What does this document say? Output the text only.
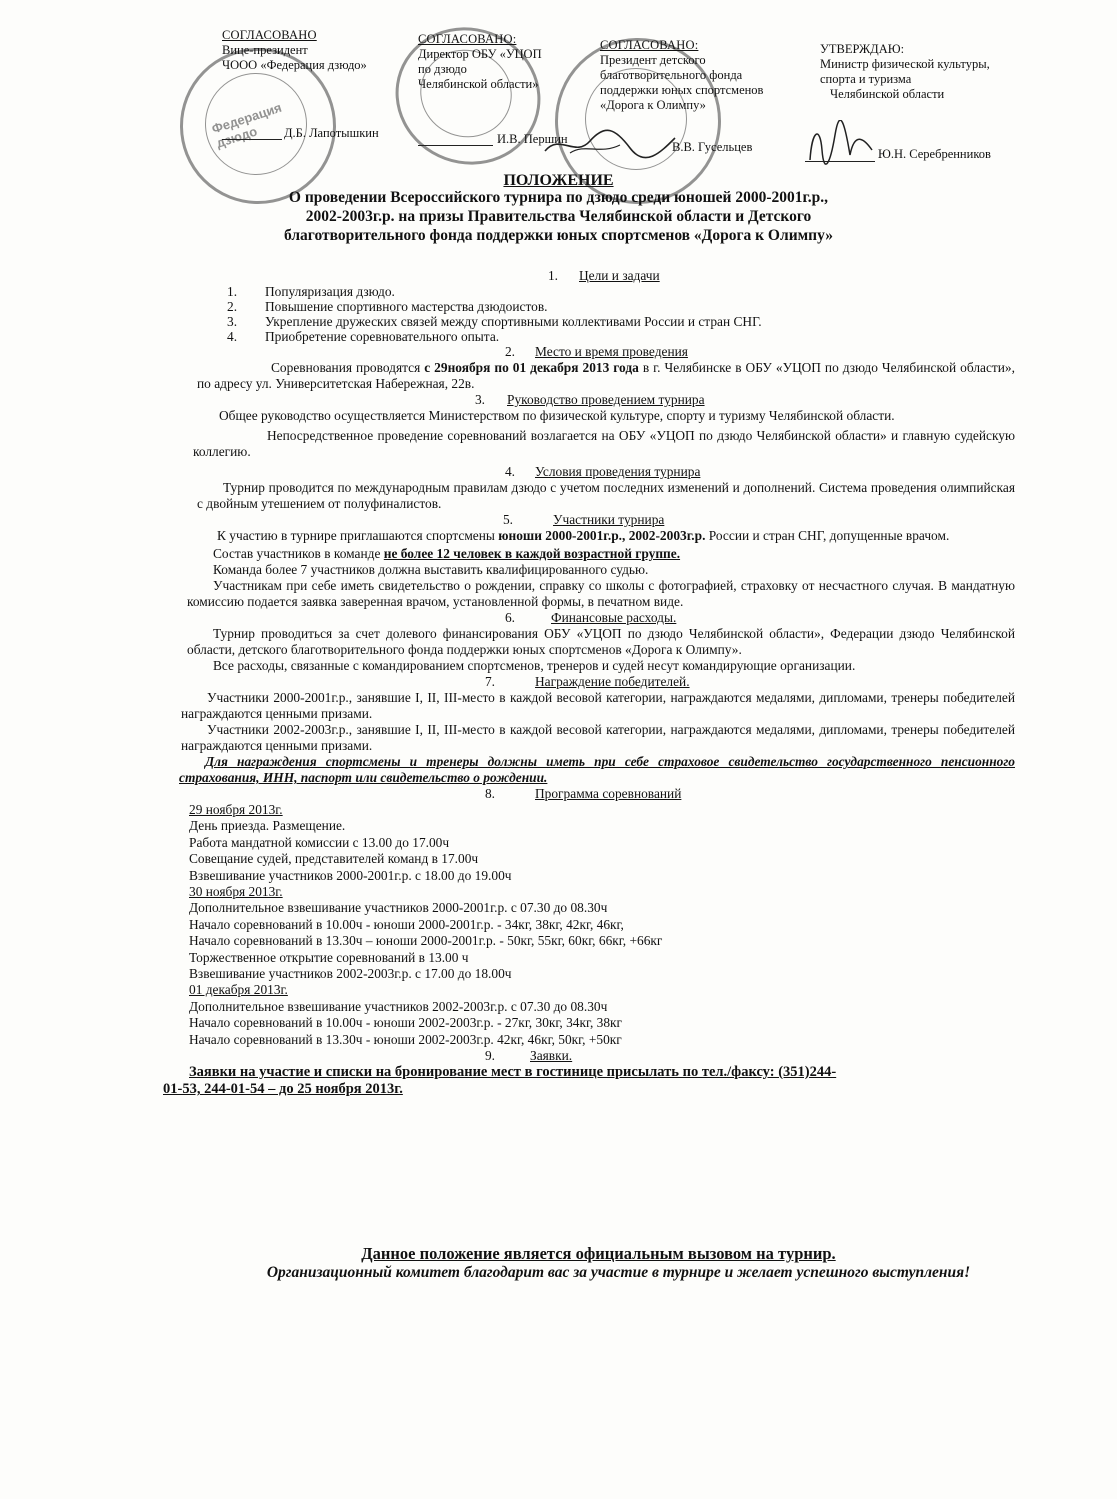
Федерация дзюдо
СОГЛАСОВАНО
Вице-президент
ЧООО «Федерация дзюдо»
Д.Б. Лапотышкин
СОГЛАСОВАНО:
Директор ОБУ «УЦОП
по дзюдо
Челябинской области»
И.В. Першин
СОГЛАСОВАНО:
Президент детского
благотворительного фонда
поддержки юных спортсменов
«Дорога к Олимпу»
В.В. Гусельцев
УТВЕРЖДАЮ:
Министр физической культуры,
спорта и туризма
Челябинской области
Ю.Н. Серебренников
ПОЛОЖЕНИЕ
О проведении Всероссийского турнира по дзюдо среди юношей 2000-2001г.р.,
2002-2003г.р. на призы Правительства Челябинской области и Детского
благотворительного фонда поддержки юных спортсменов «Дорога к Олимпу»
1. Цели и задачи
1. Популяризация дзюдо.
2. Повышение спортивного мастерства дзюдоистов.
3. Укрепление дружеских связей между спортивными коллективами России и стран СНГ.
4. Приобретение соревновательного опыта.
2. Место и время проведения

Соревнования проводятся с 29ноября по 01 декабря 2013 года в г. Челябинске в ОБУ «УЦОП по дзюдо Челябинской области», по адресу ул. Университетская Набережная, 22в.

3. Руководство проведением турнира

Общее руководство осуществляется Министерством по физической культуре, спорту и туризму Челябинской области.

Непосредственное проведение соревнований возлагается на ОБУ «УЦОП по дзюдо Челябинской области» и главную судейскую коллегию.

4. Условия проведения турнира

Турнир проводится по международным правилам дзюдо с учетом последних изменений и дополнений. Система проведения олимпийская с двойным утешением от полуфиналистов.

5.	Участники турнира

К участию в турнире приглашаются спортсмены юноши 2000-2001г.р., 2002-2003г.р. России и стран СНГ, допущенные врачом.

Состав участников в команде не более 12 человек в каждой возрастной группе.

Команда более 7 участников должна выставить квалифицированного судью.

Участникам при себе иметь свидетельство о рождении, справку со школы с фотографией, страховку от несчастного случая. В мандатную комиссию подается заявка заверенная врачом, установленной формы, в печатном виде.

6.	Финансовые расходы.

Турнир проводиться за счет долевого финансирования ОБУ «УЦОП по дзюдо Челябинской области», Федерации дзюдо Челябинской области, детского благотворительного фонда поддержки юных спортсменов «Дорога к Олимпу».

Все расходы, связанные с командированием спортсменов, тренеров и судей несут командирующие организации.

7.	Награждение победителей.

Участники 2000-2001г.р., занявшие I, II, III-место в каждой весовой категории, награждаются медалями, дипломами, тренеры победителей награждаются ценными призами.

Участники 2002-2003г.р., занявшие I, II, III-место в каждой весовой категории, награждаются медалями, дипломами, тренеры победителей награждаются ценными призами.

Для награждения спортсмены и тренеры должны иметь при себе страховое свидетельство государственного пенсионного страхования, ИНН, паспорт или свидетельство о рождении.

8.	Программа соревнований
29 ноября 2013г.
День приезда. Размещение.
Работа мандатной комиссии с 13.00 до 17.00ч
Совещание судей, представителей команд в 17.00ч
Взвешивание участников 2000-2001г.р. с 18.00 до 19.00ч
30 ноября 2013г.
Дополнительное взвешивание участников 2000-2001г.р. с 07.30 до 08.30ч
Начало соревнований в 10.00ч - юноши 2000-2001г.р. - 34кг, 38кг, 42кг, 46кг,
Начало соревнований в 13.30ч – юноши 2000-2001г.р. - 50кг, 55кг, 60кг, 66кг, +66кг
Торжественное открытие соревнований в 13.00 ч
Взвешивание участников 2002-2003г.р. с 17.00 до 18.00ч
01 декабря 2013г.
Дополнительное взвешивание участников 2002-2003г.р. с 07.30 до 08.30ч
Начало соревнований в 10.00ч - юноши 2002-2003г.р. - 27кг, 30кг, 34кг, 38кг
Начало соревнований в 13.30ч - юноши 2002-2003г.р. 42кг, 46кг, 50кг, +50кг
9.	Заявки.
Заявки на участие и списки на бронирование мест в гостинице присылать по тел./факсу: (351)244-
01-53, 244-01-54 – до 25 ноября 2013г.
Данное положение является официальным вызовом на турнир.
Организационный комитет благодарит вас за участие в турнире и желает успешного выступления!
